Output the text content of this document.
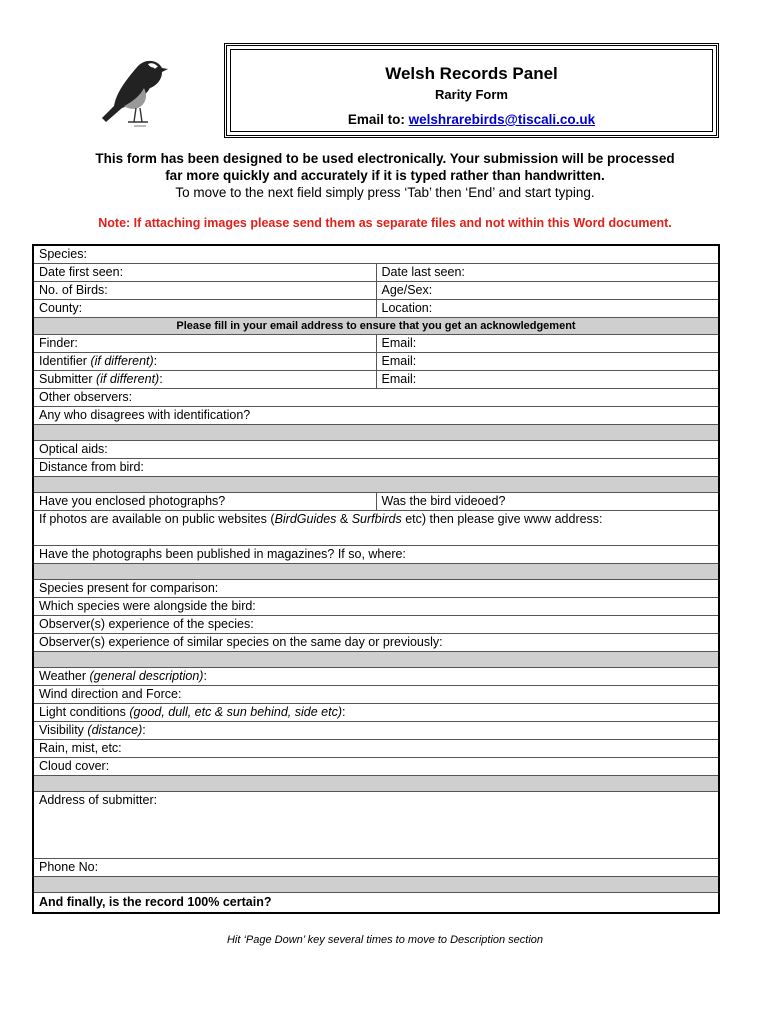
Welsh Records Panel
Rarity Form
Email to: welshrarebirds@tiscali.co.uk
This form has been designed to be used electronically. Your submission will be processed
far more quickly and accurately if it is typed rather than handwritten.
To move to the next field simply press ‘Tab’ then ‘End’ and start typing.
Note: If attaching images please send them as separate files and not within this Word document.
Species:	
Date first seen:	Date last seen:
No. of Birds:	Age/Sex:
County:	Location:
Please fill in your email address to ensure that you get an acknowledgement	
Finder:	Email:
Identifier (if different):	Email:
Submitter (if different):	Email:
Other observers:	
Any who disagrees with identification?	

Optical aids:	
Distance from bird:	

Have you enclosed photographs?	Was the bird videoed?
If photos are available on public websites (BirdGuides & Surfbirds etc) then please give www address:	
Have the photographs been published in magazines? If so, where:	

Species present for comparison:	
Which species were alongside the bird:	
Observer(s) experience of the species:	
Observer(s) experience of similar species on the same day or previously:	

Weather (general description):	
Wind direction and Force:	
Light conditions (good, dull, etc & sun behind, side etc):	
Visibility (distance):	
Rain, mist, etc:	
Cloud cover:	

Address of submitter:	
Phone No:	

And finally, is the record 100% certain?	
Hit ‘Page Down’ key several times to move to Description section
